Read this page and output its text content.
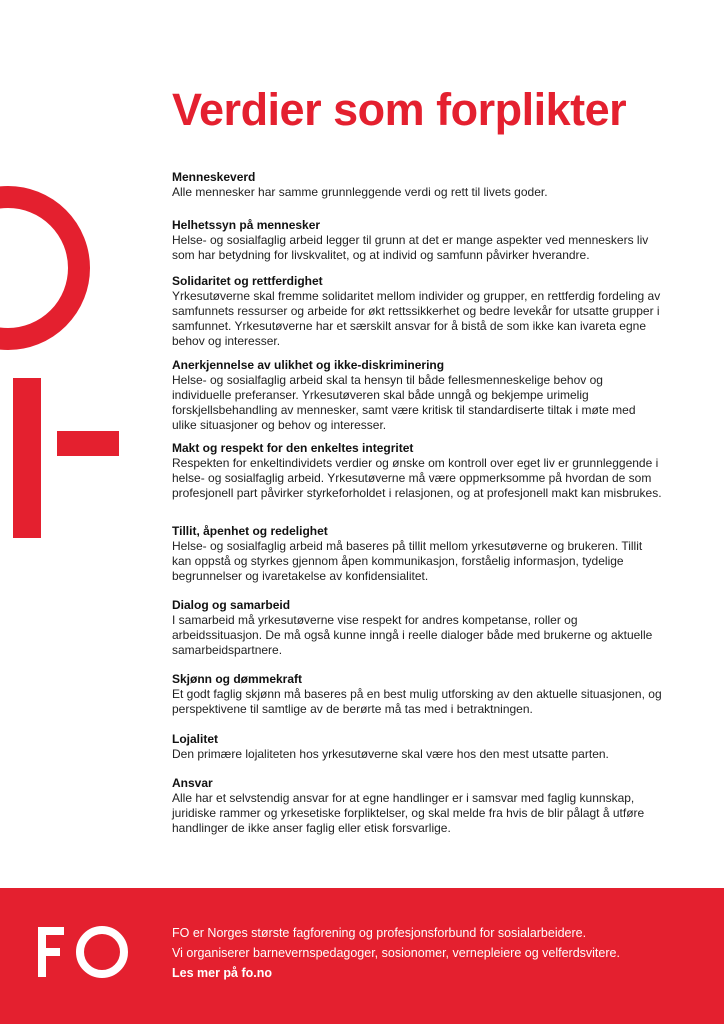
Verdier som forplikter
Menneskeverd

Alle mennesker har samme grunnleggende verdi og rett til livets goder.

Helhetssyn på mennesker

Helse- og sosialfaglig arbeid legger til grunn at det er mange aspekter ved menneskers liv som har betydning for livskvalitet, og at individ og samfunn påvirker hverandre.

Solidaritet og rettferdighet

Yrkesutøverne skal fremme solidaritet mellom individer og grupper, en rettferdig fordeling av samfunnets ressurser og arbeide for økt rettssikkerhet og bedre levekår for utsatte grupper i samfunnet. Yrkesutøverne har et særskilt ansvar for å bistå de som ikke kan ivareta egne behov og interesser.

Anerkjennelse av ulikhet og ikke-diskriminering

Helse- og sosialfaglig arbeid skal ta hensyn til både fellesmenneskelige behov og individuelle preferanser. Yrkesutøveren skal både unngå og bekjempe urimelig forskjellsbehandling av mennesker, samt være kritisk til standardiserte tiltak i møte med ulike situasjoner og behov og interesser.

Makt og respekt for den enkeltes integritet

Respekten for enkeltindividets verdier og ønske om kontroll over eget liv er grunnleggende i helse- og sosialfaglig arbeid. Yrkesutøverne må være oppmerksomme på hvordan de som profesjonell part påvirker styrkeforholdet i relasjonen, og at profesjonell makt kan misbrukes.

Tillit, åpenhet og redelighet

Helse- og sosialfaglig arbeid må baseres på tillit mellom yrkesutøverne og brukeren. Tillit kan oppstå og styrkes gjennom åpen kommunikasjon, forståelig informasjon, tydelige begrunnelser og ivaretakelse av konfidensialitet.

Dialog og samarbeid

I samarbeid må yrkesutøverne vise respekt for andres kompetanse, roller og arbeidssituasjon. De må også kunne inngå i reelle dialoger både med brukerne og aktuelle samarbeidspartnere.

Skjønn og dømmekraft

Et godt faglig skjønn må baseres på en best mulig utforsking av den aktuelle situasjonen, og perspektivene til samtlige av de berørte må tas med i betraktningen.

Lojalitet

Den primære lojaliteten hos yrkesutøverne skal være hos den mest utsatte parten.

Ansvar

Alle har et selvstendig ansvar for at egne handlinger er i samsvar med faglig kunnskap, juridiske rammer og yrkesetiske forpliktelser, og skal melde fra hvis de blir pålagt å utføre handlinger de ikke anser faglig eller etisk forsvarlige.

FO er Norges største fagforening og profesjonsforbund for sosialarbeidere.
Vi organiserer barnevernspedagoger, sosionomer, vernepleiere og velferdsvitere.
Les mer på fo.no
